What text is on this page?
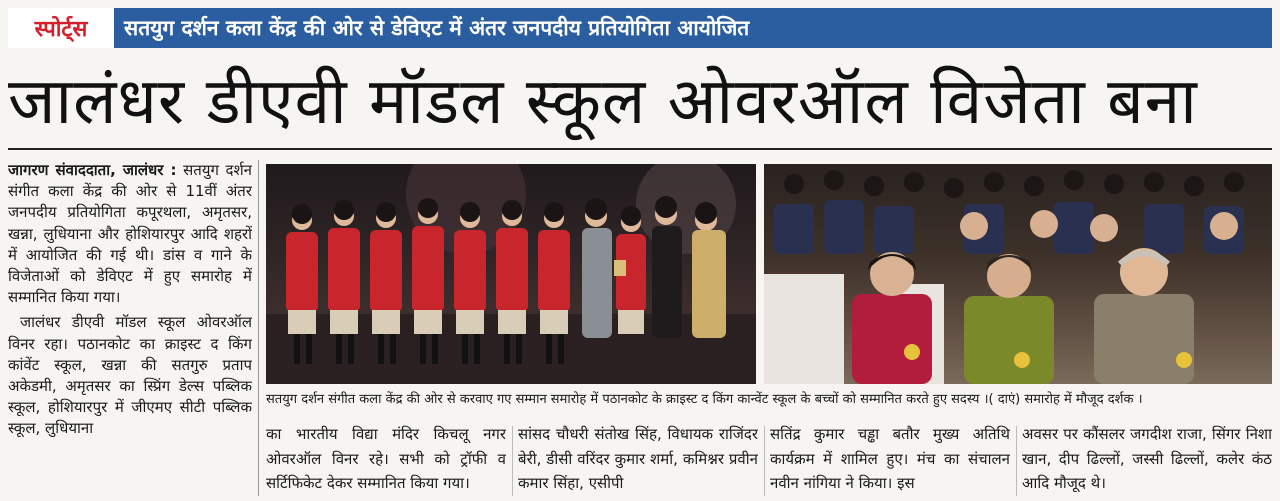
स्पोर्ट्स सतयुग दर्शन कला केंद्र की ओर से डेविएट में अंतर जनपदीय प्रतियोगिता आयोजित
जालंधर डीएवी मॉडल स्कूल ओवरऑल विजेता बना

जागरण संवाददाता, जालंधर : सतयुग दर्शन संगीत कला केंद्र की ओर से 11वीं अंतर जनपदीय प्रतियोगिता कपूरथला, अमृतसर, खन्ना, लुधियाना और होशियारपुर आदि शहरों में आयोजित की गई थी। डांस व गाने के विजेताओं को डेविएट में हुए समारोह में सम्मानित किया गया।

जालंधर डीएवी मॉडल स्कूल ओवरऑल विनर रहा। पठानकोट का क्राइस्ट द किंग कांवेंट स्कूल, खन्ना की सतगुरु प्रताप अकेडमी, अमृतसर का स्प्रिंग डेल्स पब्लिक स्कूल, होशियारपुर में जीएमए सीटी पब्लिक स्कूल, लुधियाना

सतयुग दर्शन संगीत कला केंद्र की ओर से करवाए गए सम्मान समारोह में पठानकोट के क्राइस्ट द किंग कान्वेंट स्कूल के बच्चों को सम्मानित करते हुए सदस्य ।( दाएं) समारोह में मौजूद दर्शक ।
का भारतीय विद्या मंदिर किचलू नगर ओवरऑल विनर रहे। सभी को ट्रॉफी व सर्टिफिकेट देकर सम्मानित किया गया।
सांसद चौधरी संतोख सिंह, विधायक राजिंदर बेरी, डीसी वरिंदर कुमार शर्मा, कमिश्नर प्रवीन कमार सिंहा, एसीपी
सतिंद्र कुमार चड्ढा बतौर मुख्य अतिथि कार्यक्रम में शामिल हुए। मंच का संचालन नवीन नांगिया ने किया। इस
अवसर पर कौंसलर जगदीश राजा, सिंगर निशा खान, दीप ढिल्लों, जस्सी ढिल्लों, कलेर कंठ आदि मौजूद थे।
